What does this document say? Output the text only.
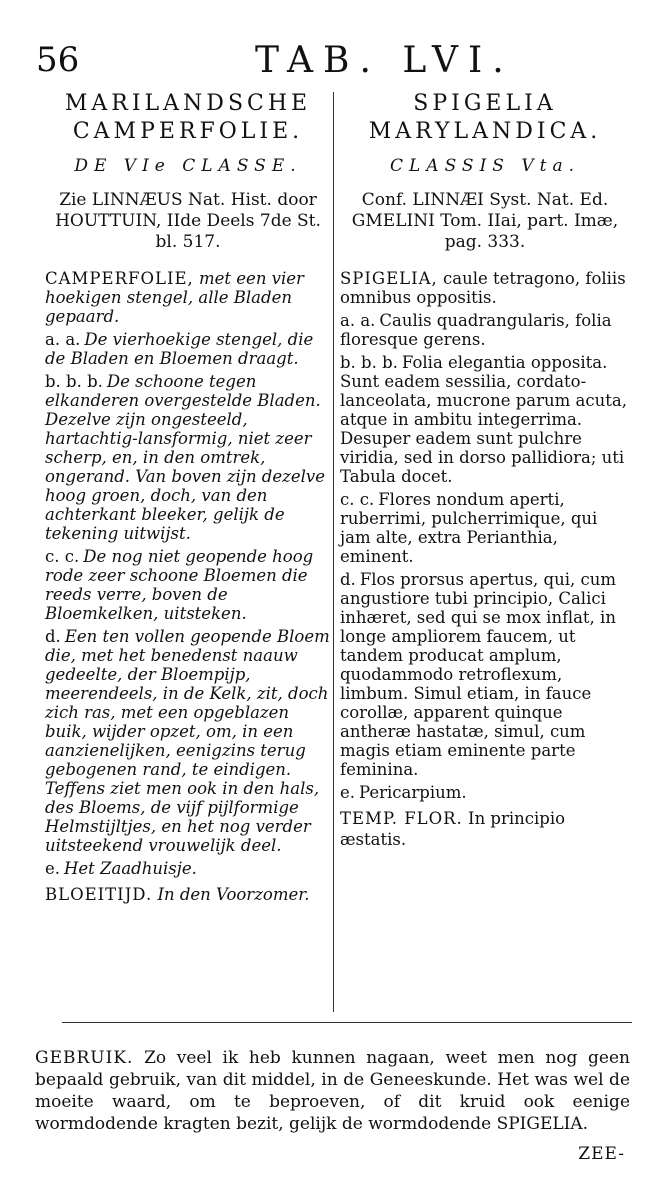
56	TAB. LVI.

MARILANDSCHE

CAMPERFOLIE.

DE VIe CLASSE.

Zie LINNÆUS Nat. Hist. door HOUTTUIN, IIde Deels 7de St. bl. 517.

CAMPERFOLIE, met een vier hoekigen stengel, alle Bladen gepaard.

a. a. De vierhoekige stengel, die de Bladen en Bloemen draagt.

b. b. b. De schoone tegen elkanderen overgestelde Bladen. Dezelve zijn ongesteeld, hartachtig-lansformig, niet zeer scherp, en, in den omtrek, ongerand. Van boven zijn dezelve hoog groen, doch, van den achterkant bleeker, gelijk de tekening uitwijst.

c. c. De nog niet geopende hoog rode zeer schoone Bloemen die reeds verre, boven de Bloemkelken, uitsteken.

d. Een ten vollen geopende Bloem die, met het benedenst naauw gedeelte, der Bloempijp, meerendeels, in de Kelk, zit, doch zich ras, met een opgeblazen buik, wijder opzet, om, in een aanzienelijken, eenigzins terug gebogenen rand, te eindigen. Teffens ziet men ook in den hals, des Bloems, de vijf pijlformige Helmstijltjes, en het nog verder uitsteekend vrouwelijk deel.

e. Het Zaadhuisje.

BLOEITIJD. In den Voorzomer.

SPIGELIA

MARYLANDICA.

CLASSIS Vta.

Conf. LINNÆI Syst. Nat. Ed. GMELINI Tom. IIai, part. Imæ, pag. 333.

SPIGELIA, caule tetragono, foliis omnibus oppositis.

a. a. Caulis quadrangularis, folia floresque gerens.

b. b. b. Folia elegantia opposita. Sunt eadem sessilia, cordato-lanceolata, mucrone parum acuta, atque in ambitu integerrima. Desuper eadem sunt pulchre viridia, sed in dorso pallidiora; uti Tabula docet.

c. c. Flores nondum aperti, ruberrimi, pulcherrimique, qui jam alte, extra Perianthia, eminent.

d. Flos prorsus apertus, qui, cum angustiore tubi principio, Calici inhæret, sed qui se mox inflat, in longe ampliorem faucem, ut tandem producat amplum, quodammodo retroflexum, limbum. Simul etiam, in fauce corollæ, apparent quinque antheræ hastatæ, simul, cum magis etiam eminente parte feminina.

e. Pericarpium.

TEMP. FLOR. In principio æstatis.

GEBRUIK. Zo veel ik heb kunnen nagaan, weet men nog geen bepaald gebruik, van dit middel, in de Geneeskunde. Het was wel de moeite waard, om te beproeven, of dit kruid ook eenige wormdodende kragten bezit, gelijk de wormdodende SPIGELIA.

ZEE-
